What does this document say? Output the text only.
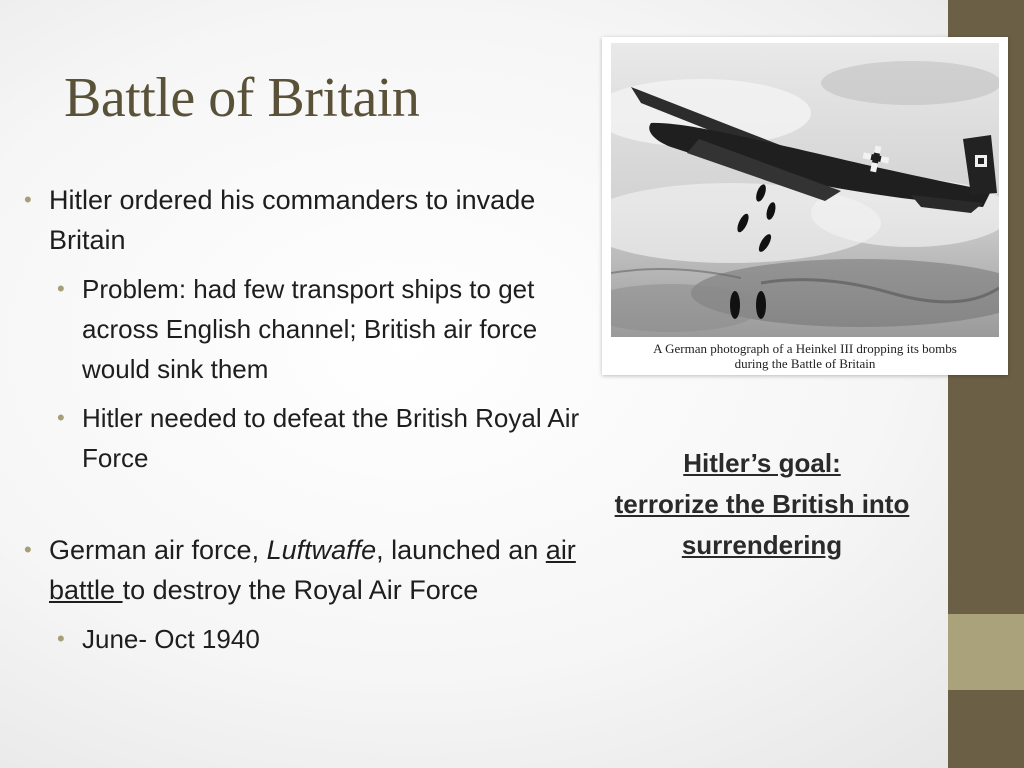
Battle of Britain

• Hitler ordered his commanders to invade Britain

• Problem: had few transport ships to get across English channel; British air force would sink them

• Hitler needed to defeat the British Royal Air Force

• German air force, Luftwaffe, launched an air battle to destroy the Royal Air Force

• June- Oct 1940

A German photograph of a Heinkel III dropping its bombs
during the Battle of Britain
Hitler’s goal:
terrorize the British into
surrendering
